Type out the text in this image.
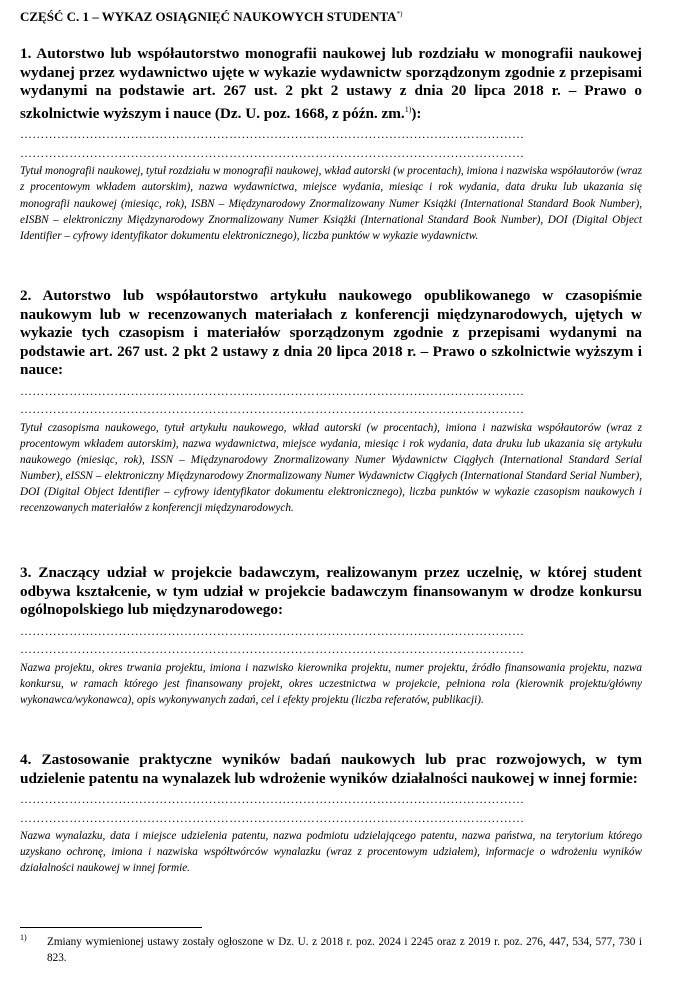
CZĘŚĆ C. 1 – WYKAZ OSIĄGNIĘĆ NAUKOWYCH STUDENTA*)

1. Autorstwo lub współautorstwo monografii naukowej lub rozdziału w monografii naukowej wydanej przez wydawnictwo ujęte w wykazie wydawnictw sporządzonym zgodnie z przepisami wydanymi na podstawie art. 267 ust. 2 pkt 2 ustawy z dnia 20 lipca 2018 r. – Prawo o szkolnictwie wyższym i nauce (Dz. U. poz. 1668, z późn. zm.$^{1)}$):

……………………………………………………………………………………………………………
……………………………………………………………………………………………………………

Tytuł monografii naukowej, tytuł rozdziału w monografii naukowej, wkład autorski (w procentach), imiona i nazwiska współautorów (wraz z procentowym wkładem autorskim), nazwa wydawnictwa, miejsce wydania, miesiąc i rok wydania, data druku lub ukazania się monografii naukowej (miesiąc, rok), ISBN – Międzynarodowy Znormalizowany Numer Książki (International Standard Book Number), eISBN – elektroniczny Międzynarodowy Znormalizowany Numer Książki (International Standard Book Number), DOI (Digital Object Identifier – cyfrowy identyfikator dokumentu elektronicznego), liczba punktów w wykazie wydawnictw.

2. Autorstwo lub współautorstwo artykułu naukowego opublikowanego w czasopiśmie naukowym lub w recenzowanych materiałach z konferencji międzynarodowych, ujętych w wykazie tych czasopism i materiałów sporządzonym zgodnie z przepisami wydanymi na podstawie art. 267 ust. 2 pkt 2 ustawy z dnia 20 lipca 2018 r. – Prawo o szkolnictwie wyższym i nauce:

……………………………………………………………………………………………………………
……………………………………………………………………………………………………………

Tytuł czasopisma naukowego, tytuł artykułu naukowego, wkład autorski (w procentach), imiona i nazwiska współautorów (wraz z procentowym wkładem autorskim), nazwa wydawnictwa, miejsce wydania, miesiąc i rok wydania, data druku lub ukazania się artykułu naukowego (miesiąc, rok), ISSN – Międzynarodowy Znormalizowany Numer Wydawnictw Ciągłych (International Standard Serial Number), eISSN – elektroniczny Międzynarodowy Znormalizowany Numer Wydawnictw Ciągłych (International Standard Serial Number), DOI (Digital Object Identifier – cyfrowy identyfikator dokumentu elektronicznego), liczba punktów w wykazie czasopism naukowych i recenzowanych materiałów z konferencji międzynarodowych.

3. Znaczący udział w projekcie badawczym, realizowanym przez uczelnię, w której student odbywa kształcenie, w tym udział w projekcie badawczym finansowanym w drodze konkursu ogólnopolskiego lub międzynarodowego:

……………………………………………………………………………………………………………
……………………………………………………………………………………………………………

Nazwa projektu, okres trwania projektu, imiona i nazwisko kierownika projektu, numer projektu, źródło finansowania projektu, nazwa konkursu, w ramach którego jest finansowany projekt, okres uczestnictwa w projekcie, pełniona rola (kierownik projektu/główny wykonawca/wykonawca), opis wykonywanych zadań, cel i efekty projektu (liczba referatów, publikacji).

4. Zastosowanie praktyczne wyników badań naukowych lub prac rozwojowych, w tym udzielenie patentu na wynalazek lub wdrożenie wyników działalności naukowej w innej formie:

……………………………………………………………………………………………………………
……………………………………………………………………………………………………………

Nazwa wynalazku, data i miejsce udzielenia patentu, nazwa podmiotu udzielającego patentu, nazwa państwa, na terytorium którego uzyskano ochronę, imiona i nazwiska współtwórców wynalazku (wraz z procentowym udziałem), informacje o wdrożeniu wyników działalności naukowej w innej formie.

1) Zmiany wymienionej ustawy zostały ogłoszone w Dz. U. z 2018 r. poz. 2024 i 2245 oraz z 2019 r. poz. 276, 447, 534, 577, 730 i 823.
